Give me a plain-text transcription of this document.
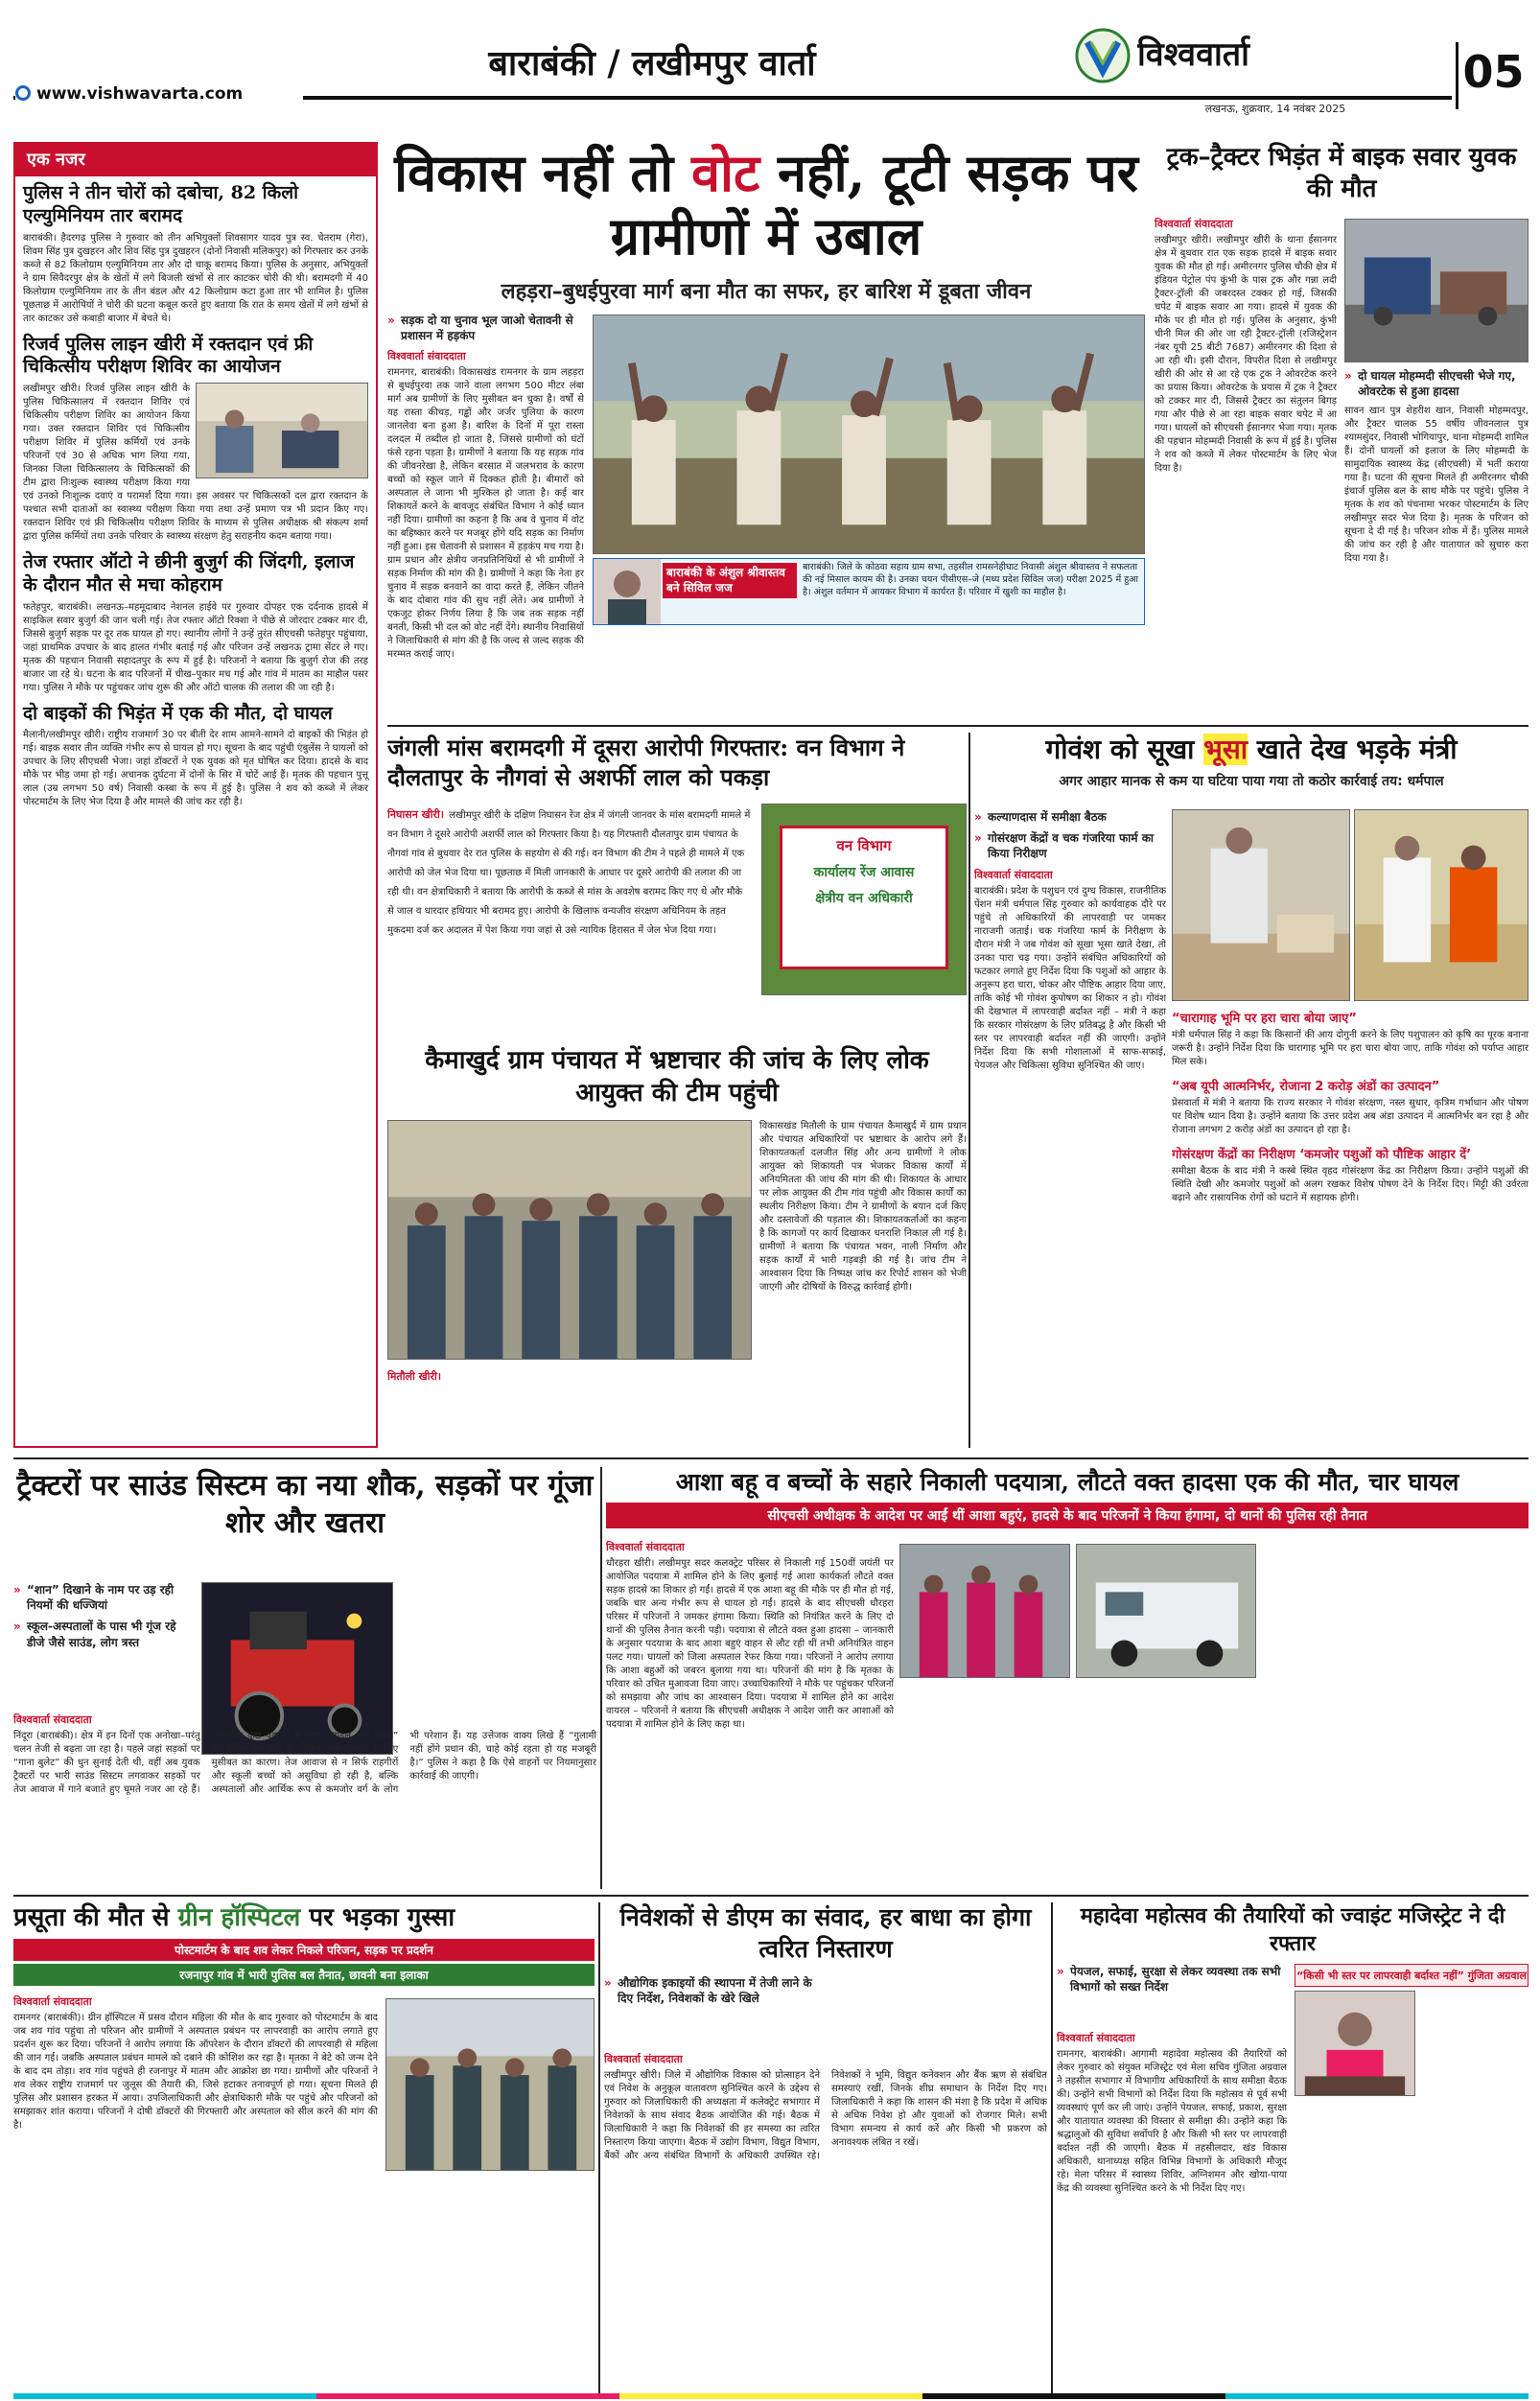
बाराबंकी / लखीमपुर वार्ता
www.vishwavarta.com
विश्ववार्ता
लखनऊ, शुक्रवार, 14 नवंबर 2025
05
एक नजर
पुलिस ने तीन चोरों को दबोचा, 82 किलो एल्युमिनियम तार बरामद
बाराबंकी। हैदरगढ़ पुलिस ने गुरुवार को तीन अभियुक्तों शिवसागर यादव पुत्र स्व. चेतराम (गेरा), शिवम सिंह पुत्र दुखहरन और शिव सिंह पुत्र दुखहरन (दोनों निवासी मलिकपुर) को गिरफ्तार कर उनके कब्जे से 82 किलोग्राम एल्युमिनियम तार और दो चाकू बरामद किया। पुलिस के अनुसार, अभियुक्तों ने ग्राम सिवैदरपुर क्षेत्र के खेतों में लगे बिजली खंभों से तार काटकर चोरी की थी। बरामदगी में 40 किलोग्राम एल्युमिनियम तार के तीन बंडल और 42 किलोग्राम कटा हुआ तार भी शामिल है। पुलिस पूछताछ में आरोपियों ने चोरी की घटना कबूल करते हुए बताया कि रात के समय खेतों में लगे खंभों से तार काटकर उसे कबाड़ी बाजार में बेचते थे।
रिजर्व पुलिस लाइन खीरी में रक्तदान एवं फ्री चिकित्सीय परीक्षण शिविर का आयोजन
लखीमपुर खीरी। रिजर्व पुलिस लाइन खीरी के पुलिस चिकित्सालय में रक्तदान शिविर एवं चिकित्सीय परीक्षण शिविर का आयोजन किया गया। उक्त रक्तदान शिविर एवं चिकित्सीय परीक्षण शिविर में पुलिस कर्मियों एवं उनके परिजनों एवं 30 से अधिक भाग लिया गया, जिनका जिला चिकित्सालय के चिकित्सकों की टीम द्वारा निःशुल्क स्वास्थ्य परीक्षण किया गया एवं उनको निःशुल्क दवाएं व परामर्श दिया गया। इस अवसर पर चिकित्सकों दल द्वारा रक्तदान के पश्चात सभी दाताओं का स्वास्थ्य परीक्षण किया गया तथा उन्हें प्रमाण पत्र भी प्रदान किए गए। रक्तदान शिविर एवं फ्री चिकित्सीय परीक्षण शिविर के माध्यम से पुलिस अधीक्षक श्री संकल्प शर्मा द्वारा पुलिस कर्मियों तथा उनके परिवार के स्वास्थ्य संरक्षण हेतु सराहनीय कदम बताया गया।
तेज रफ्तार ऑटो ने छीनी बुजुर्ग की जिंदगी, इलाज के दौरान मौत से मचा कोहराम
फतेहपुर, बाराबंकी। लखनऊ–महमूदाबाद नेशनल हाईवे पर गुरुवार दोपहर एक दर्दनाक हादसे में साइकिल सवार बुजुर्ग की जान चली गई। तेज रफ्तार ऑटो रिक्शा ने पीछे से जोरदार टक्कर मार दी, जिससे बुजुर्ग सड़क पर दूर तक घायल हो गए। स्थानीय लोगों ने उन्हें तुरंत सीएचसी फतेहपुर पहुंचाया, जहां प्राथमिक उपचार के बाद हालत गंभीर बताई गई और परिजन उन्हें लखनऊ ट्रामा सेंटर ले गए। मृतक की पहचान निवासी सहादतपुर के रूप में हुई है। परिजनों ने बताया कि बुजुर्ग रोज की तरह बाजार जा रहे थे। घटना के बाद परिजनों में चीख–पुकार मच गई और गांव में मातम का माहौल पसर गया। पुलिस ने मौके पर पहुंचकर जांच शुरू की और ऑटो चालक की तलाश की जा रही है।
दो बाइकों की भिड़ंत में एक की मौत, दो घायल
मैलानी/लखीमपुर खीरी। राष्ट्रीय राजमार्ग 30 पर बीती देर शाम आमने-सामने दो बाइकों की भिड़ंत हो गई। बाइक सवार तीन व्यक्ति गंभीर रूप से घायल हो गए। सूचना के बाद पहुंची एंबुलेंस ने घायलों को उपचार के लिए सीएचसी भेजा। जहां डॉक्टरों ने एक युवक को मृत घोषित कर दिया। हादसे के बाद मौके पर भीड़ जमा हो गई। अचानक दुर्घटना में दोनों के सिर में चोटें आई हैं। मृतक की पहचान पुत्तू लाल (उम्र लगभग 50 वर्ष) निवासी कस्बा के रूप में हुई है। पुलिस ने शव को कब्जे में लेकर पोस्टमार्टम के लिए भेज दिया है और मामले की जांच कर रही है।
विकास नहीं तो वोट नहीं, टूटी सड़क पर ग्रामीणों में उबाल
लहड़रा–बुधईपुरवा मार्ग बना मौत का सफर, हर बारिश में डूबता जीवन
» सड़क दो या चुनाव भूल जाओ चेतावनी से प्रशासन में हड़कंप
विश्ववार्ता संवाददाता
रामनगर, बाराबंकी। विकासखंड रामनगर के ग्राम लहड़रा से बुधईपुरवा तक जाने वाला लगभग 500 मीटर लंबा मार्ग अब ग्रामीणों के लिए मुसीबत बन चुका है। वर्षों से यह रास्ता कीचड़, गड्ढों और जर्जर पुलिया के कारण जानलेवा बना हुआ है। बारिश के दिनों में पूरा रास्ता दलदल में तब्दील हो जाता है, जिससे ग्रामीणों को घंटों फंसे रहना पड़ता है। ग्रामीणों ने बताया कि यह सड़क गांव की जीवनरेखा है, लेकिन बरसात में जलभराव के कारण बच्चों को स्कूल जाने में दिक्कत होती है। बीमारों को अस्पताल ले जाना भी मुश्किल हो जाता है। कई बार शिकायतें करने के बावजूद संबंधित विभाग ने कोई ध्यान नहीं दिया। ग्रामीणों का कहना है कि अब वे चुनाव में वोट का बहिष्कार करने पर मजबूर होंगे यदि सड़क का निर्माण नहीं हुआ। इस चेतावनी से प्रशासन में हड़कंप मच गया है। ग्राम प्रधान और क्षेत्रीय जनप्रतिनिधियों से भी ग्रामीणों ने सड़क निर्माण की मांग की है। ग्रामीणों ने कहा कि नेता हर चुनाव में सड़क बनवाने का वादा करते हैं, लेकिन जीतने के बाद दोबारा गांव की सुध नहीं लेते। अब ग्रामीणों ने एकजुट होकर निर्णय लिया है कि जब तक सड़क नहीं बनती, किसी भी दल को वोट नहीं देंगे। स्थानीय निवासियों ने जिलाधिकारी से मांग की है कि जल्द से जल्द सड़क की मरम्मत कराई जाए।
बाराबंकी के अंशुल श्रीवास्तव बने सिविल जज
बाराबंकी। जिले के कोठवा सहाय ग्राम सभा, तहसील रामसनेहीघाट निवासी अंशुल श्रीवास्तव ने सफलता की नई मिसाल कायम की है। उनका चयन पीसीएस–जे (मध्य प्रदेश सिविल जज) परीक्षा 2025 में हुआ है। अंशुल वर्तमान में आयकर विभाग में कार्यरत हैं। परिवार में खुशी का माहौल है।
ट्रक–ट्रैक्टर भिड़ंत में बाइक सवार युवक की मौत
विश्ववार्ता संवाददाता
लखीमपुर खीरी। लखीमपुर खीरी के थाना ईसानगर क्षेत्र में बुधवार रात एक सड़क हादसे में बाइक सवार युवक की मौत हो गई। अमीरनगर पुलिस चौकी क्षेत्र में इंडियन पेट्रोल पंप कुंभी के पास ट्रक और गन्ना लदी ट्रैक्टर-ट्रॉली की जबरदस्त टक्कर हो गई, जिसकी चपेट में बाइक सवार आ गया। हादसे में युवक की मौके पर ही मौत हो गई। पुलिस के अनुसार, कुंभी चीनी मिल की ओर जा रही ट्रैक्टर-ट्रॉली (रजिस्ट्रेशन नंबर यूपी 25 बीटी 7687) अमीरनगर की दिशा से आ रही थी। इसी दौरान, विपरीत दिशा से लखीमपुर खीरी की ओर से आ रहे एक ट्रक ने ओवरटेक करने का प्रयास किया। ओवरटेक के प्रयास में ट्रक ने ट्रैक्टर को टक्कर मार दी, जिससे ट्रैक्टर का संतुलन बिगड़ गया और पीछे से आ रहा बाइक सवार चपेट में आ गया। घायलों को सीएचसी ईसानगर भेजा गया। मृतक की पहचान मोहम्मदी निवासी के रूप में हुई है। पुलिस ने शव को कब्जे में लेकर पोस्टमार्टम के लिए भेज दिया है।
» दो घायल मोहम्मदी सीएचसी भेजे गए, ओवरटेक से हुआ हादसा
सावन खान पुत्र शेहरीश खान, निवासी मोहम्मदपुर, और ट्रैक्टर चालक 55 वर्षीय जीवनलाल पुत्र श्यामसुंदर, निवासी भोगियापुर, थाना मोहम्मदी शामिल हैं। दोनों घायलों को इलाज के लिए मोहम्मदी के सामुदायिक स्वास्थ्य केंद्र (सीएचसी) में भर्ती कराया गया है। घटना की सूचना मिलते ही अमीरनगर चौकी इंचार्ज पुलिस बल के साथ मौके पर पहुंचे। पुलिस ने मृतक के शव को पंचनामा भरकर पोस्टमार्टम के लिए लखीमपुर सदर भेज दिया है। मृतक के परिजन को सूचना दे दी गई है। परिजन शोक में हैं। पुलिस मामले की जांच कर रही है और यातायात को सुचारु करा दिया गया है।
जंगली मांस बरामदगी में दूसरा आरोपी गिरफ्तार: वन विभाग ने दौलतापुर के नौगवां से अशर्फी लाल को पकड़ा
निघासन खीरी। लखीमपुर खीरी के दक्षिण निघासन रेंज क्षेत्र में जंगली जानवर के मांस बरामदगी मामले में वन विभाग ने दूसरे आरोपी अशर्फी लाल को गिरफ्तार किया है। यह गिरफ्तारी दौलतापुर ग्राम पंचायत के नौगवां गांव से बुधवार देर रात पुलिस के सहयोग से की गई। वन विभाग की टीम ने पहले ही मामले में एक आरोपी को जेल भेज दिया था। पूछताछ में मिली जानकारी के आधार पर दूसरे आरोपी की तलाश की जा रही थी। वन क्षेत्राधिकारी ने बताया कि आरोपी के कब्जे से मांस के अवशेष बरामद किए गए थे और मौके से जाल व धारदार हथियार भी बरामद हुए। आरोपी के खिलाफ वन्यजीव संरक्षण अधिनियम के तहत मुकदमा दर्ज कर अदालत में पेश किया गया जहां से उसे न्यायिक हिरासत में जेल भेज दिया गया।
वन विभाग
कार्यालय रेंज आवास
क्षेत्रीय वन अधिकारी
कैमाखुर्द ग्राम पंचायत में भ्रष्टाचार की जांच के लिए लोक आयुक्त की टीम पहुंची
विकासखंड मितौली के ग्राम पंचायत कैमाखुर्द में ग्राम प्रधान और पंचायत अधिकारियों पर भ्रष्टाचार के आरोप लगे हैं। शिकायतकर्ता दलजीत सिंह और अन्य ग्रामीणों ने लोक आयुक्त को शिकायती पत्र भेजकर विकास कार्यों में अनियमितता की जांच की मांग की थी। शिकायत के आधार पर लोक आयुक्त की टीम गांव पहुंची और विकास कार्यों का स्थलीय निरीक्षण किया। टीम ने ग्रामीणों के बयान दर्ज किए और दस्तावेजों की पड़ताल की। शिकायतकर्ताओं का कहना है कि कागजों पर कार्य दिखाकर धनराशि निकाल ली गई है। ग्रामीणों ने बताया कि पंचायत भवन, नाली निर्माण और सड़क कार्यों में भारी गड़बड़ी की गई है। जांच टीम ने आश्वासन दिया कि निष्पक्ष जांच कर रिपोर्ट शासन को भेजी जाएगी और दोषियों के विरुद्ध कार्रवाई होगी।
मितौली खीरी।
गोवंश को सूखा भूसा खाते देख भड़के मंत्री
अगर आहार मानक से कम या घटिया पाया गया तो कठोर कार्रवाई तय: धर्मपाल
» कल्याणदास में समीक्षा बैठक
» गोसंरक्षण केंद्रों व चक गंजरिया फार्म का किया निरीक्षण
विश्ववार्ता संवाददाता
बाराबंकी। प्रदेश के पशुधन एवं दुग्ध विकास, राजनीतिक पेंशन मंत्री धर्मपाल सिंह गुरुवार को कार्यवाहक दौरे पर पहुंचे तो अधिकारियों की लापरवाही पर जमकर नाराजगी जताई। चक गंजरिया फार्म के निरीक्षण के दौरान मंत्री ने जब गोवंश को सूखा भूसा खाते देखा, तो उनका पारा चढ़ गया। उन्होंने संबंधित अधिकारियों को फटकार लगाते हुए निर्देश दिया कि पशुओं को आहार के अनुरूप हरा चारा, चोकर और पौष्टिक आहार दिया जाए, ताकि कोई भी गोवंश कुपोषण का शिकार न हो। गोवंश की देखभाल में लापरवाही बर्दाश्त नहीं – मंत्री ने कहा कि सरकार गोसंरक्षण के लिए प्रतिबद्ध है और किसी भी स्तर पर लापरवाही बर्दाश्त नहीं की जाएगी। उन्होंने निर्देश दिया कि सभी गोशालाओं में साफ-सफाई, पेयजल और चिकित्सा सुविधा सुनिश्चित की जाए।
“चारागाह भूमि पर हरा चारा बोया जाए”
मंत्री धर्मपाल सिंह ने कहा कि किसानों की आय दोगुनी करने के लिए पशुपालन को कृषि का पूरक बनाना जरूरी है। उन्होंने निर्देश दिया कि चारागाह भूमि पर हरा चारा बोया जाए, ताकि गोवंश को पर्याप्त आहार मिल सके।
“अब यूपी आत्मनिर्भर, रोजाना 2 करोड़ अंडों का उत्पादन”
प्रेसवार्ता में मंत्री ने बताया कि राज्य सरकार ने गोवंश संरक्षण, नस्ल सुधार, कृत्रिम गर्भाधान और पोषण पर विशेष ध्यान दिया है। उन्होंने बताया कि उत्तर प्रदेश अब अंडा उत्पादन में आत्मनिर्भर बन रहा है और रोजाना लगभग 2 करोड़ अंडों का उत्पादन हो रहा है।
गोसंरक्षण केंद्रों का निरीक्षण ‘कमजोर पशुओं को पौष्टिक आहार दें’
समीक्षा बैठक के बाद मंत्री ने कस्बे स्थित वृहद गोसंरक्षण केंद्र का निरीक्षण किया। उन्होंने पशुओं की स्थिति देखी और कमजोर पशुओं को अलग रखकर विशेष पोषण देने के निर्देश दिए। मिट्टी की उर्वरता बढ़ाने और रासायनिक रोगों को घटाने में सहायक होगी।
ट्रैक्टरों पर साउंड सिस्टम का नया शौक, सड़कों पर गूंजा शोर और खतरा
» “शान” दिखाने के नाम पर उड़ रही नियमों की धज्जियां
» स्कूल-अस्पतालों के पास भी गूंज रहे डीजे जैसे साउंड, लोग त्रस्त
विश्ववार्ता संवाददाता
निंदूरा (बाराबंकी)। क्षेत्र में इन दिनों एक अनोखा–परंतु चलन तेजी से बढ़ता जा रहा है। पहले जहां सड़कों पर “गाना बुलेट” की धुन सुनाई देती थी, वहीं अब युवक ट्रैक्टरों पर भारी साउंड सिस्टम लगवाकर सड़कों पर तेज आवाज में गाने बजाते हुए घूमते नजर आ रहे हैं। यह शौक कुछ युवाओं के लिए “स्टाइल और स्टेटस” का प्रतीक बन गया है, लेकिन आम जनता के लिए मुसीबत का कारण। तेज आवाज से न सिर्फ राहगीरों और स्कूली बच्चों को असुविधा हो रही है, बल्कि अस्पतालों और आर्थिक रूप से कमजोर वर्ग के लोग भी परेशान हैं। यह उत्तेजक वाक्य लिखे हैं “गुलामी नहीं होंगे प्रधान की, चाहे कोई रहता हो यह मजबूरी है।” पुलिस ने कहा है कि ऐसे वाहनों पर नियमानुसार कार्रवाई की जाएगी।
आशा बहू व बच्चों के सहारे निकाली पदयात्रा, लौटते वक्त हादसा एक की मौत, चार घायल
सीएचसी अधीक्षक के आदेश पर आईं थीं आशा बहुएं, हादसे के बाद परिजनों ने किया हंगामा, दो थानों की पुलिस रही तैनात
विश्ववार्ता संवाददाता
धौरहरा खीरी। लखीमपुर सदर कलक्ट्रेट परिसर से निकाली गई 150वीं जयंती पर आयोजित पदयात्रा में शामिल होने के लिए बुलाई गई आशा कार्यकर्ता लौटते वक्त सड़क हादसे का शिकार हो गईं। हादसे में एक आशा बहू की मौके पर ही मौत हो गई, जबकि चार अन्य गंभीर रूप से घायल हो गईं। हादसे के बाद सीएचसी धौरहरा परिसर में परिजनों ने जमकर हंगामा किया। स्थिति को नियंत्रित करने के लिए दो थानों की पुलिस तैनात करनी पड़ी। पदयात्रा से लौटते वक्त हुआ हादसा – जानकारी के अनुसार पदयात्रा के बाद आशा बहुएं वाहन से लौट रही थीं तभी अनियंत्रित वाहन पलट गया। घायलों को जिला अस्पताल रेफर किया गया। परिजनों ने आरोप लगाया कि आशा बहुओं को जबरन बुलाया गया था। परिजनों की मांग है कि मृतका के परिवार को उचित मुआवजा दिया जाए। उच्चाधिकारियों ने मौके पर पहुंचकर परिजनों को समझाया और जांच का आश्वासन दिया। पदयात्रा में शामिल होने का आदेश वायरल – परिजनों ने बताया कि सीएचसी अधीक्षक ने आदेश जारी कर आशाओं को पदयात्रा में शामिल होने के लिए कहा था।
प्रसूता की मौत से ग्रीन हॉस्पिटल पर भड़का गुस्सा
पोस्टमार्टम के बाद शव लेकर निकले परिजन, सड़क पर प्रदर्शन
रजनापुर गांव में भारी पुलिस बल तैनात, छावनी बना इलाका
विश्ववार्ता संवाददाता
रामनगर (बाराबंकी)। ग्रीन हॉस्पिटल में प्रसव दौरान महिला की मौत के बाद गुरुवार को पोस्टमार्टम के बाद जब शव गांव पहुंचा तो परिजन और ग्रामीणों ने अस्पताल प्रबंधन पर लापरवाही का आरोप लगाते हुए प्रदर्शन शुरू कर दिया। परिजनों ने आरोप लगाया कि ऑपरेशन के दौरान डॉक्टरों की लापरवाही से महिला की जान गई। जबकि अस्पताल प्रबंधन मामले को दबाने की कोशिश कर रहा है। मृतका ने बेटे को जन्म देने के बाद दम तोड़ा। शव गांव पहुंचते ही रजनापुर में मातम और आक्रोश छा गया। ग्रामीणों और परिजनों ने शव लेकर राष्ट्रीय राजमार्ग पर जुलूस की तैयारी की, जिसे हटाकर तनावपूर्ण हो गया। सूचना मिलते ही पुलिस और प्रशासन हरकत में आया। उपजिलाधिकारी और क्षेत्राधिकारी मौके पर पहुंचे और परिजनों को समझाकर शांत कराया। परिजनों ने दोषी डॉक्टरों की गिरफ्तारी और अस्पताल को सील करने की मांग की है।
निवेशकों से डीएम का संवाद, हर बाधा का होगा त्वरित निस्तारण
» औद्योगिक इकाइयों की स्थापना में तेजी लाने के दिए निर्देश, निवेशकों के खेरे खिले
विश्ववार्ता संवाददाता
लखीमपुर खीरी। जिले में औद्योगिक विकास को प्रोत्साहन देने एवं निवेश के अनुकूल वातावरण सुनिश्चित करने के उद्देश्य से गुरुवार को जिलाधिकारी की अध्यक्षता में कलेक्ट्रेट सभागार में निवेशकों के साथ संवाद बैठक आयोजित की गई। बैठक में जिलाधिकारी ने कहा कि निवेशकों की हर समस्या का त्वरित निस्तारण किया जाएगा। बैठक में उद्योग विभाग, विद्युत विभाग, बैंकों और अन्य संबंधित विभागों के अधिकारी उपस्थित रहे। निवेशकों ने भूमि, विद्युत कनेक्शन और बैंक ऋण से संबंधित समस्याएं रखीं, जिनके शीघ्र समाधान के निर्देश दिए गए। जिलाधिकारी ने कहा कि शासन की मंशा है कि प्रदेश में अधिक से अधिक निवेश हो और युवाओं को रोजगार मिले। सभी विभाग समन्वय से कार्य करें और किसी भी प्रकरण को अनावश्यक लंबित न रखें।
महादेवा महोत्सव की तैयारियों को ज्वाइंट मजिस्ट्रेट ने दी रफ्तार
» पेयजल, सफाई, सुरक्षा से लेकर व्यवस्था तक सभी विभागों को सख्त निर्देश
“किसी भी स्तर पर लापरवाही बर्दाश्त नहीं” गुंजिता अग्रवाल
विश्ववार्ता संवाददाता
रामनगर, बाराबंकी। आगामी महादेवा महोत्सव की तैयारियों को लेकर गुरुवार को संयुक्त मजिस्ट्रेट एवं मेला सचिव गुंजिता अग्रवाल ने तहसील सभागार में विभागीय अधिकारियों के साथ समीक्षा बैठक की। उन्होंने सभी विभागों को निर्देश दिया कि महोत्सव से पूर्व सभी व्यवस्थाएं पूर्ण कर ली जाएं। उन्होंने पेयजल, सफाई, प्रकाश, सुरक्षा और यातायात व्यवस्था की विस्तार से समीक्षा की। उन्होंने कहा कि श्रद्धालुओं की सुविधा सर्वोपरि है और किसी भी स्तर पर लापरवाही बर्दाश्त नहीं की जाएगी। बैठक में तहसीलदार, खंड विकास अधिकारी, थानाध्यक्ष सहित विभिन्न विभागों के अधिकारी मौजूद रहे। मेला परिसर में स्वास्थ्य शिविर, अग्निशमन और खोया-पाया केंद्र की व्यवस्था सुनिश्चित करने के भी निर्देश दिए गए।
